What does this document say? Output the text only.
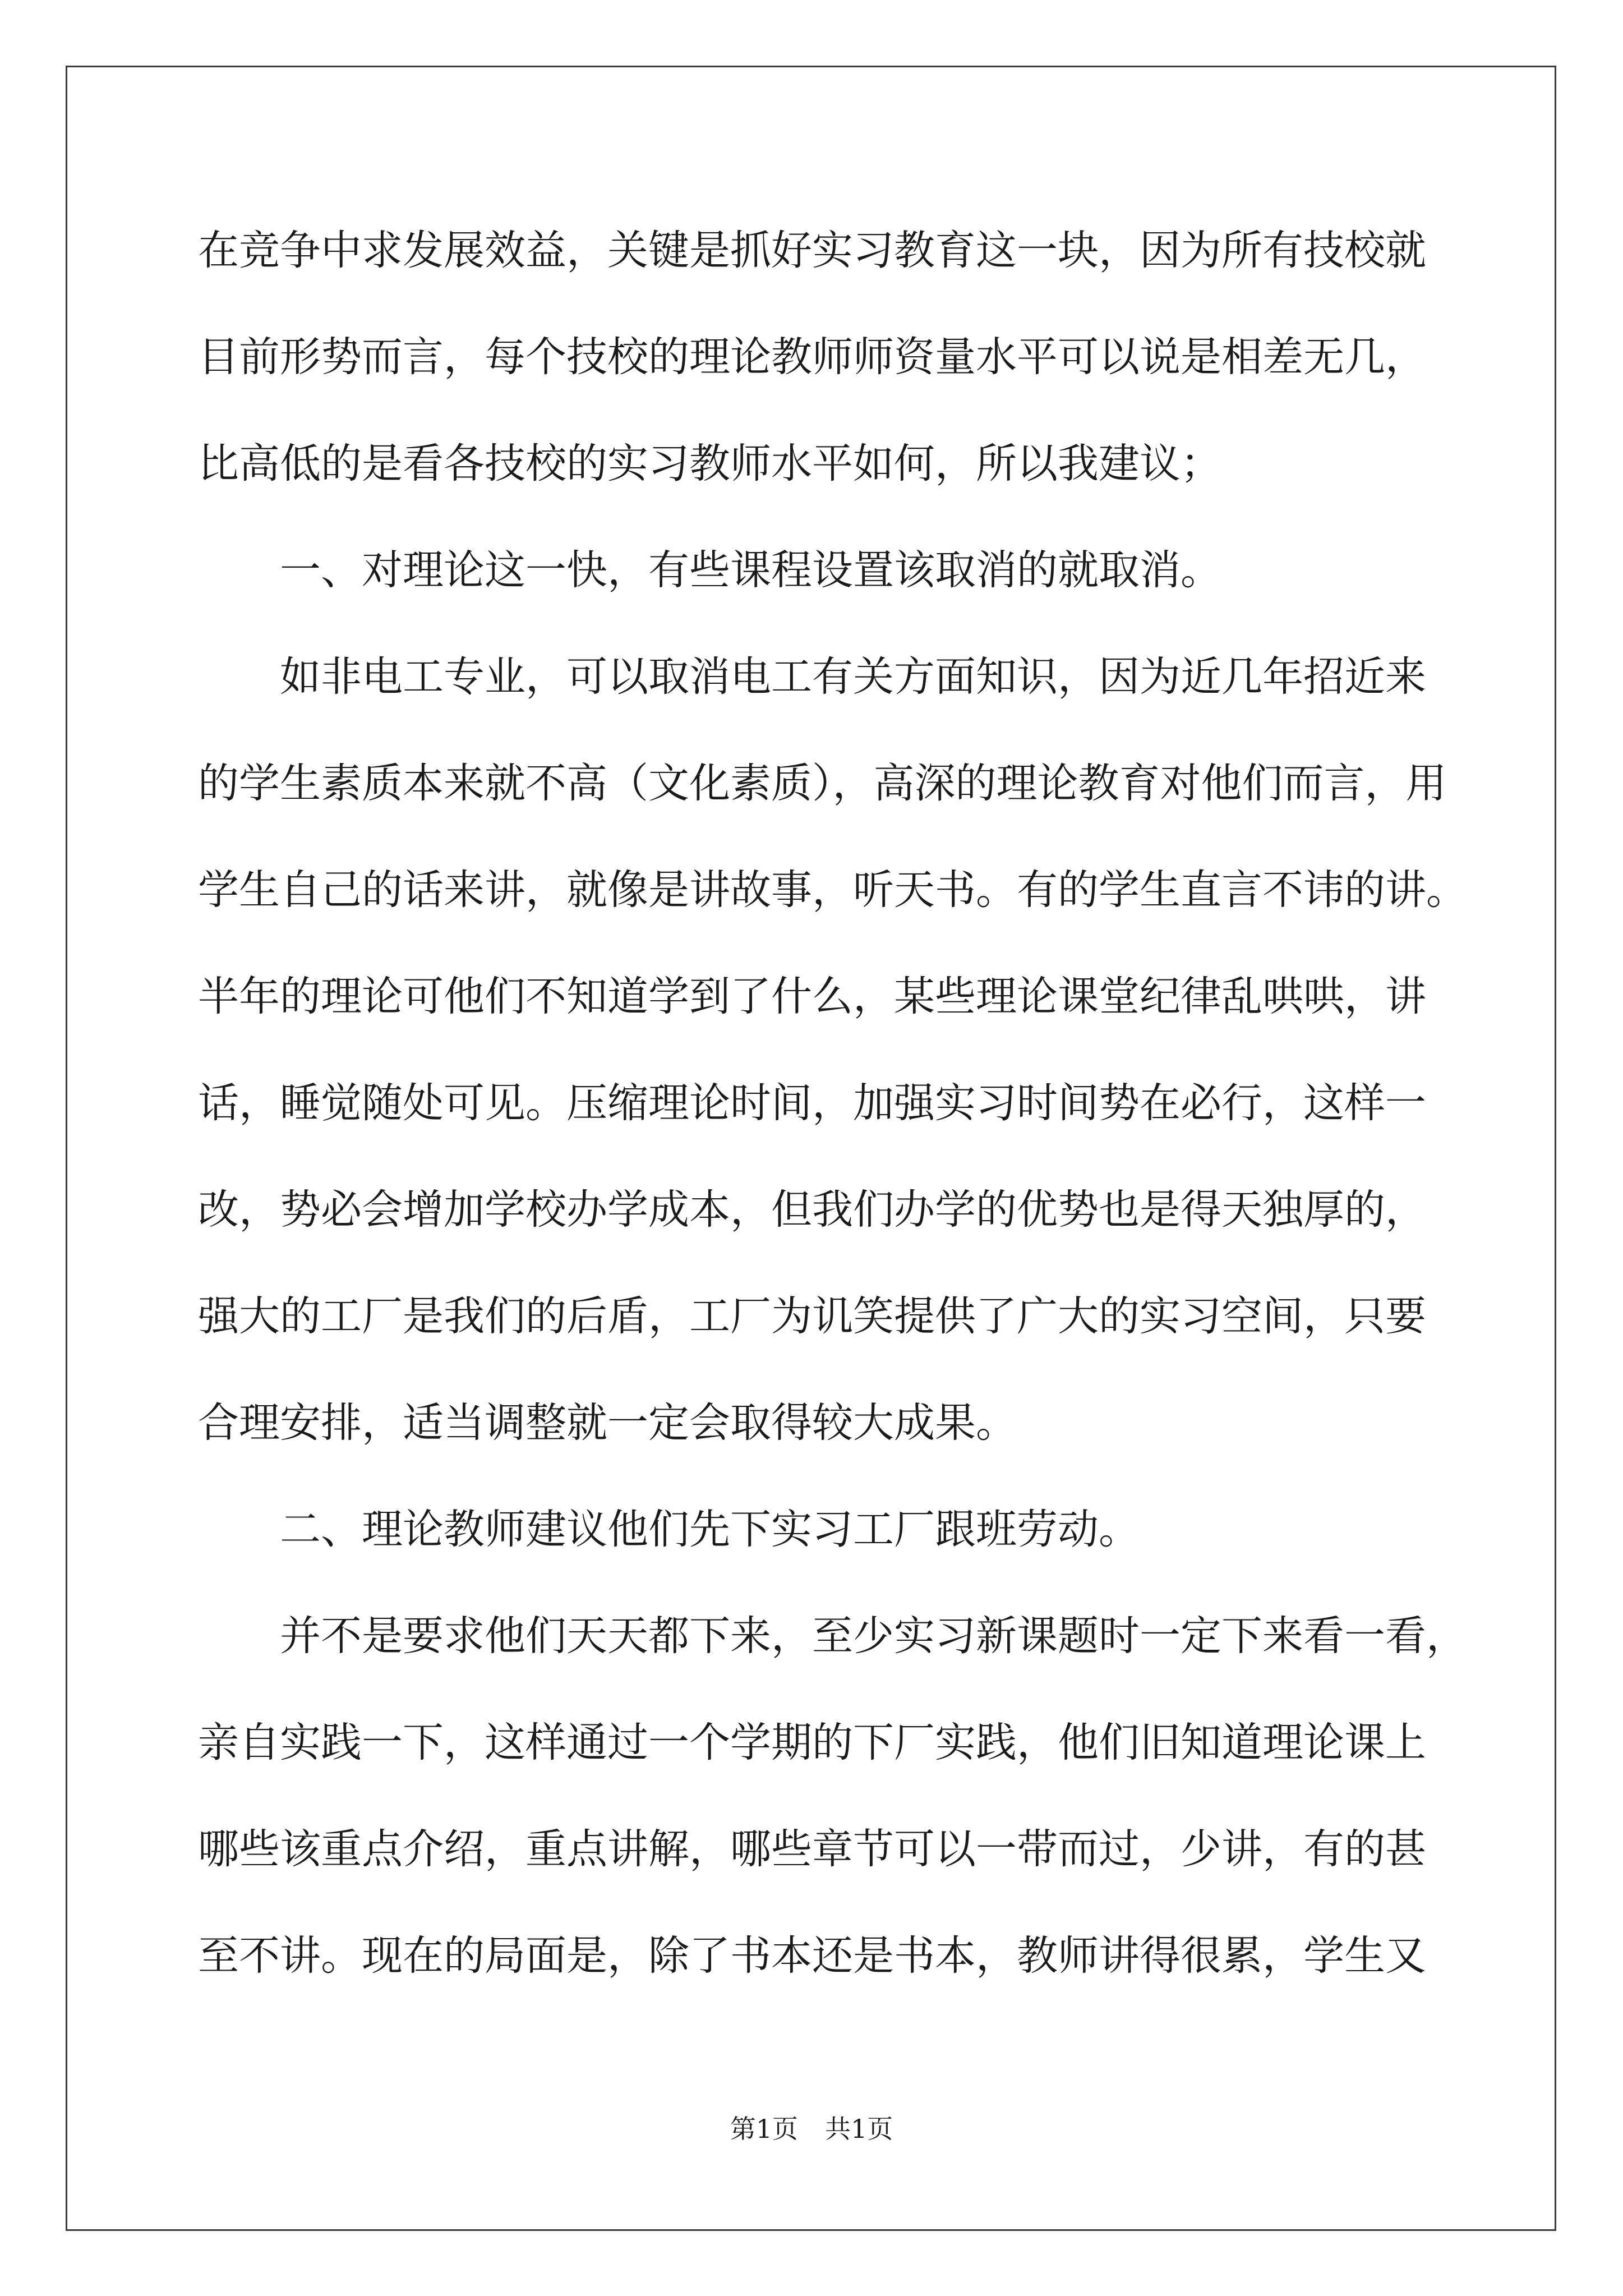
在竞争中求发展效益，关键是抓好实习教育这一块，因为所有技校就

目前形势而言，每个技校的理论教师师资量水平可以说是相差无几，

比高低的是看各技校的实习教师水平如何，所以我建议；

一、对理论这一快，有些课程设置该取消的就取消。

如非电工专业，可以取消电工有关方面知识，因为近几年招近来

的学生素质本来就不高（文化素质），高深的理论教育对他们而言，用

学生自己的话来讲，就像是讲故事，听天书。有的学生直言不讳的讲。

半年的理论可他们不知道学到了什么，某些理论课堂纪律乱哄哄，讲

话，睡觉随处可见。压缩理论时间，加强实习时间势在必行，这样一

改，势必会增加学校办学成本，但我们办学的优势也是得天独厚的，

强大的工厂是我们的后盾，工厂为讥笑提供了广大的实习空间，只要

合理安排，适当调整就一定会取得较大成果。

二、理论教师建议他们先下实习工厂跟班劳动。

并不是要求他们天天都下来，至少实习新课题时一定下来看一看，

亲自实践一下，这样通过一个学期的下厂实践，他们旧知道理论课上

哪些该重点介绍，重点讲解，哪些章节可以一带而过，少讲，有的甚

至不讲。现在的局面是，除了书本还是书本，教师讲得很累，学生又

第1页 共1页
